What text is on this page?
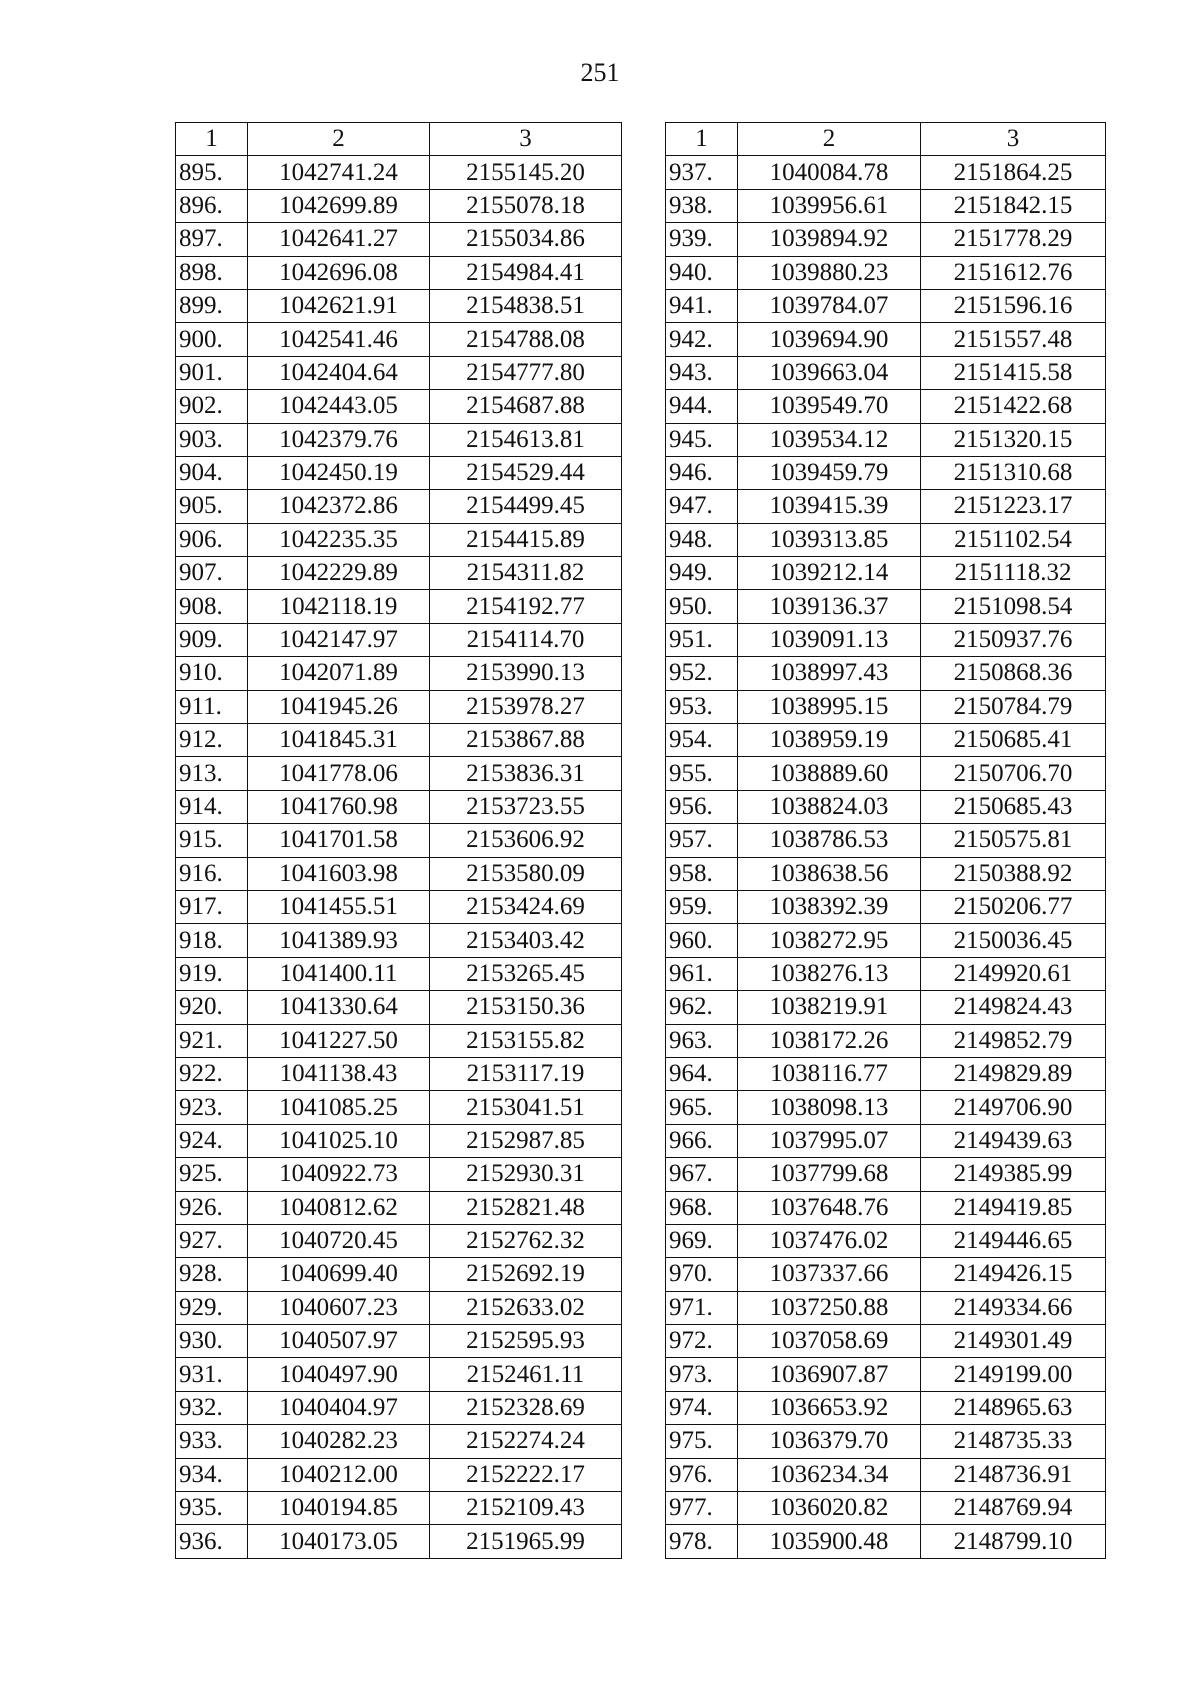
251
1	2	3
895.	1042741.24	2155145.20
896.	1042699.89	2155078.18
897.	1042641.27	2155034.86
898.	1042696.08	2154984.41
899.	1042621.91	2154838.51
900.	1042541.46	2154788.08
901.	1042404.64	2154777.80
902.	1042443.05	2154687.88
903.	1042379.76	2154613.81
904.	1042450.19	2154529.44
905.	1042372.86	2154499.45
906.	1042235.35	2154415.89
907.	1042229.89	2154311.82
908.	1042118.19	2154192.77
909.	1042147.97	2154114.70
910.	1042071.89	2153990.13
911.	1041945.26	2153978.27
912.	1041845.31	2153867.88
913.	1041778.06	2153836.31
914.	1041760.98	2153723.55
915.	1041701.58	2153606.92
916.	1041603.98	2153580.09
917.	1041455.51	2153424.69
918.	1041389.93	2153403.42
919.	1041400.11	2153265.45
920.	1041330.64	2153150.36
921.	1041227.50	2153155.82
922.	1041138.43	2153117.19
923.	1041085.25	2153041.51
924.	1041025.10	2152987.85
925.	1040922.73	2152930.31
926.	1040812.62	2152821.48
927.	1040720.45	2152762.32
928.	1040699.40	2152692.19
929.	1040607.23	2152633.02
930.	1040507.97	2152595.93
931.	1040497.90	2152461.11
932.	1040404.97	2152328.69
933.	1040282.23	2152274.24
934.	1040212.00	2152222.17
935.	1040194.85	2152109.43
936.	1040173.05	2151965.99
1	2	3
937.	1040084.78	2151864.25
938.	1039956.61	2151842.15
939.	1039894.92	2151778.29
940.	1039880.23	2151612.76
941.	1039784.07	2151596.16
942.	1039694.90	2151557.48
943.	1039663.04	2151415.58
944.	1039549.70	2151422.68
945.	1039534.12	2151320.15
946.	1039459.79	2151310.68
947.	1039415.39	2151223.17
948.	1039313.85	2151102.54
949.	1039212.14	2151118.32
950.	1039136.37	2151098.54
951.	1039091.13	2150937.76
952.	1038997.43	2150868.36
953.	1038995.15	2150784.79
954.	1038959.19	2150685.41
955.	1038889.60	2150706.70
956.	1038824.03	2150685.43
957.	1038786.53	2150575.81
958.	1038638.56	2150388.92
959.	1038392.39	2150206.77
960.	1038272.95	2150036.45
961.	1038276.13	2149920.61
962.	1038219.91	2149824.43
963.	1038172.26	2149852.79
964.	1038116.77	2149829.89
965.	1038098.13	2149706.90
966.	1037995.07	2149439.63
967.	1037799.68	2149385.99
968.	1037648.76	2149419.85
969.	1037476.02	2149446.65
970.	1037337.66	2149426.15
971.	1037250.88	2149334.66
972.	1037058.69	2149301.49
973.	1036907.87	2149199.00
974.	1036653.92	2148965.63
975.	1036379.70	2148735.33
976.	1036234.34	2148736.91
977.	1036020.82	2148769.94
978.	1035900.48	2148799.10
